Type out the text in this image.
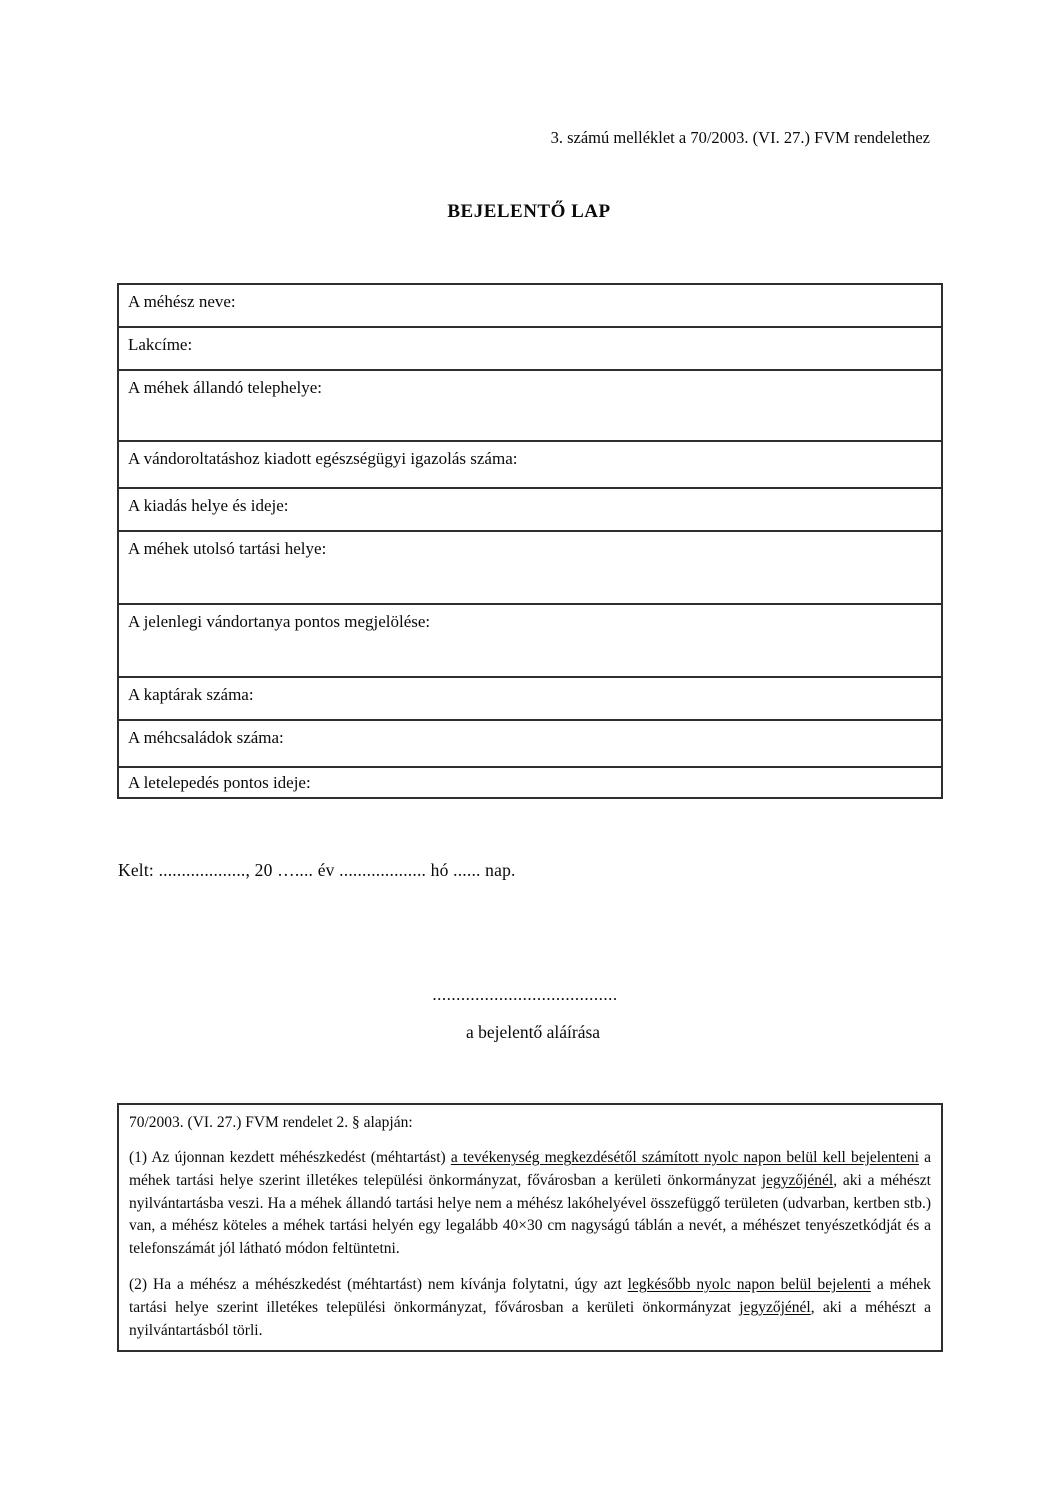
3. számú melléklet a 70/2003. (VI. 27.) FVM rendelethez
BEJELENTŐ LAP
A méhész neve:
Lakcíme:
A méhek állandó telephelye:
A vándoroltatáshoz kiadott egészségügyi igazolás száma:
A kiadás helye és ideje:
A méhek utolsó tartási helye:
A jelenlegi vándortanya pontos megjelölése:
A kaptárak száma:
A méhcsaládok száma:
A letelepedés pontos ideje:
Kelt: ..................., 20 ….... év ................... hó ...... nap.
.......................................
a bejelentő aláírása
70/2003. (VI. 27.) FVM rendelet 2. § alapján:
(1) Az újonnan kezdett méhészkedést (méhtartást) a tevékenység megkezdésétől számított nyolc napon belül kell bejelenteni a méhek tartási helye szerint illetékes települési önkormányzat, fővárosban a kerületi önkormányzat jegyzőjénél, aki a méhészt nyilvántartásba veszi. Ha a méhek állandó tartási helye nem a méhész lakóhelyével összefüggő területen (udvarban, kertben stb.) van, a méhész köteles a méhek tartási helyén egy legalább 40×30 cm nagyságú táblán a nevét, a méhészet tenyészetkódját és a telefonszámát jól látható módon feltüntetni.
(2) Ha a méhész a méhészkedést (méhtartást) nem kívánja folytatni, úgy azt legkésőbb nyolc napon belül bejelenti a méhek tartási helye szerint illetékes települési önkormányzat, fővárosban a kerületi önkormányzat jegyzőjénél, aki a méhészt a nyilvántartásból törli.
